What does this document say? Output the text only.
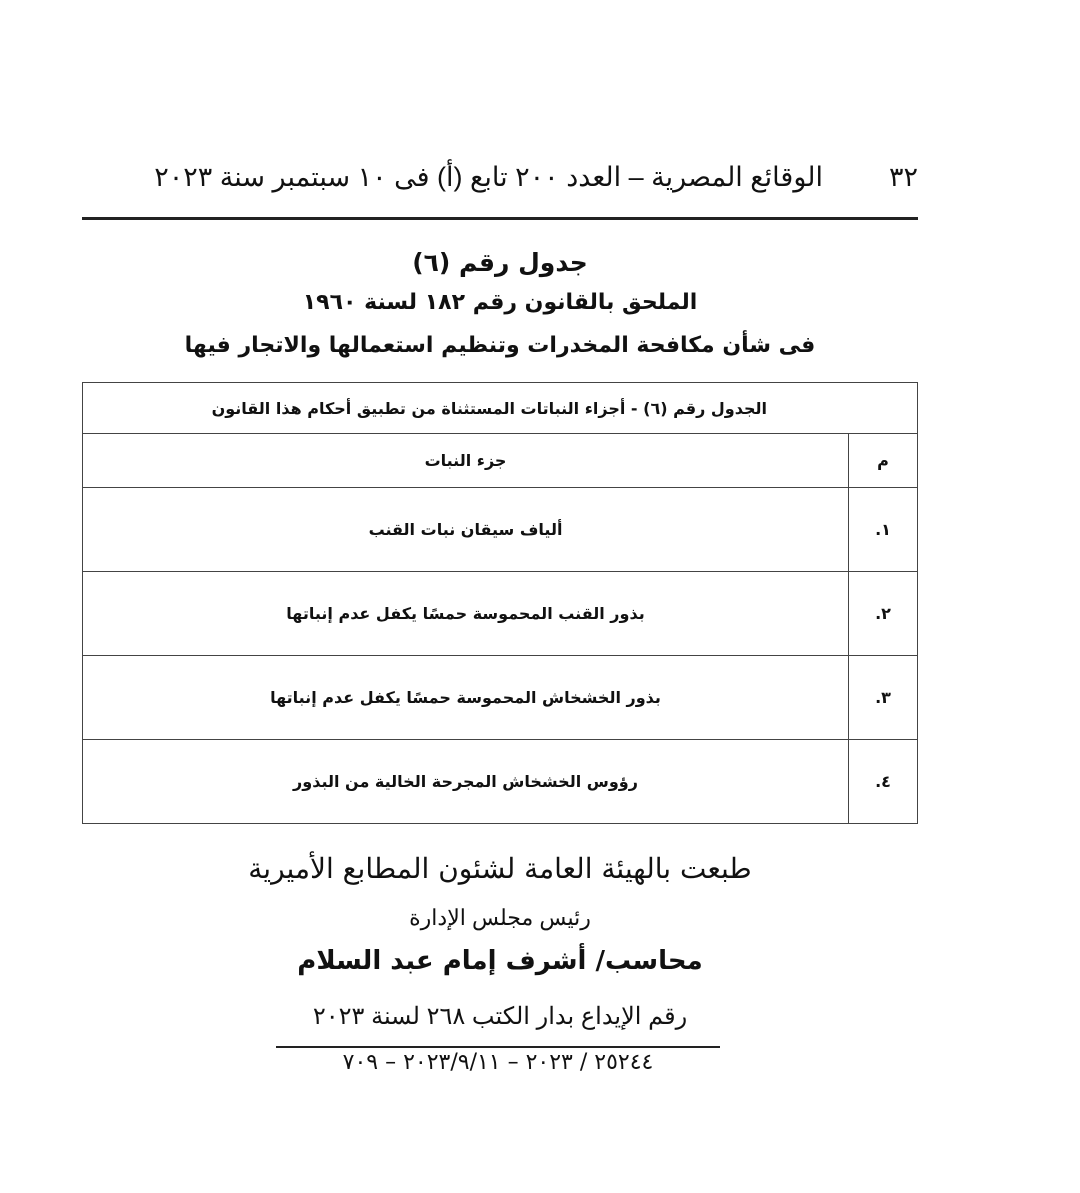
٣٢
الوقائع المصرية – العدد ٢٠٠ تابع (أ) فى ١٠ سبتمبر سنة ٢٠٢٣
جدول رقم (٦)
الملحق بالقانون رقم ١٨٢ لسنة ١٩٦٠
فى شأن مكافحة المخدرات وتنظيم استعمالها والاتجار فيها
الجدول رقم (٦) - أجزاء النباتات المستثناة من تطبيق أحكام هذا القانون	
م	جزء النبات
١.	ألياف سيقان نبات القنب
٢.	بذور القنب المحموسة حمسًا يكفل عدم إنباتها
٣.	بذور الخشخاش المحموسة حمسًا يكفل عدم إنباتها
٤.	رؤوس الخشخاش المجرحة الخالية من البذور
طبعت بالهيئة العامة لشئون المطابع الأميرية
رئيس مجلس الإدارة
محاسب/ أشرف إمام عبد السلام
رقم الإيداع بدار الكتب ٢٦٨ لسنة ٢٠٢٣
٧٠٩ – ٢٠٢٣/٩/١١ – ٢٠٢٣ / ٢٥٢٤٤
